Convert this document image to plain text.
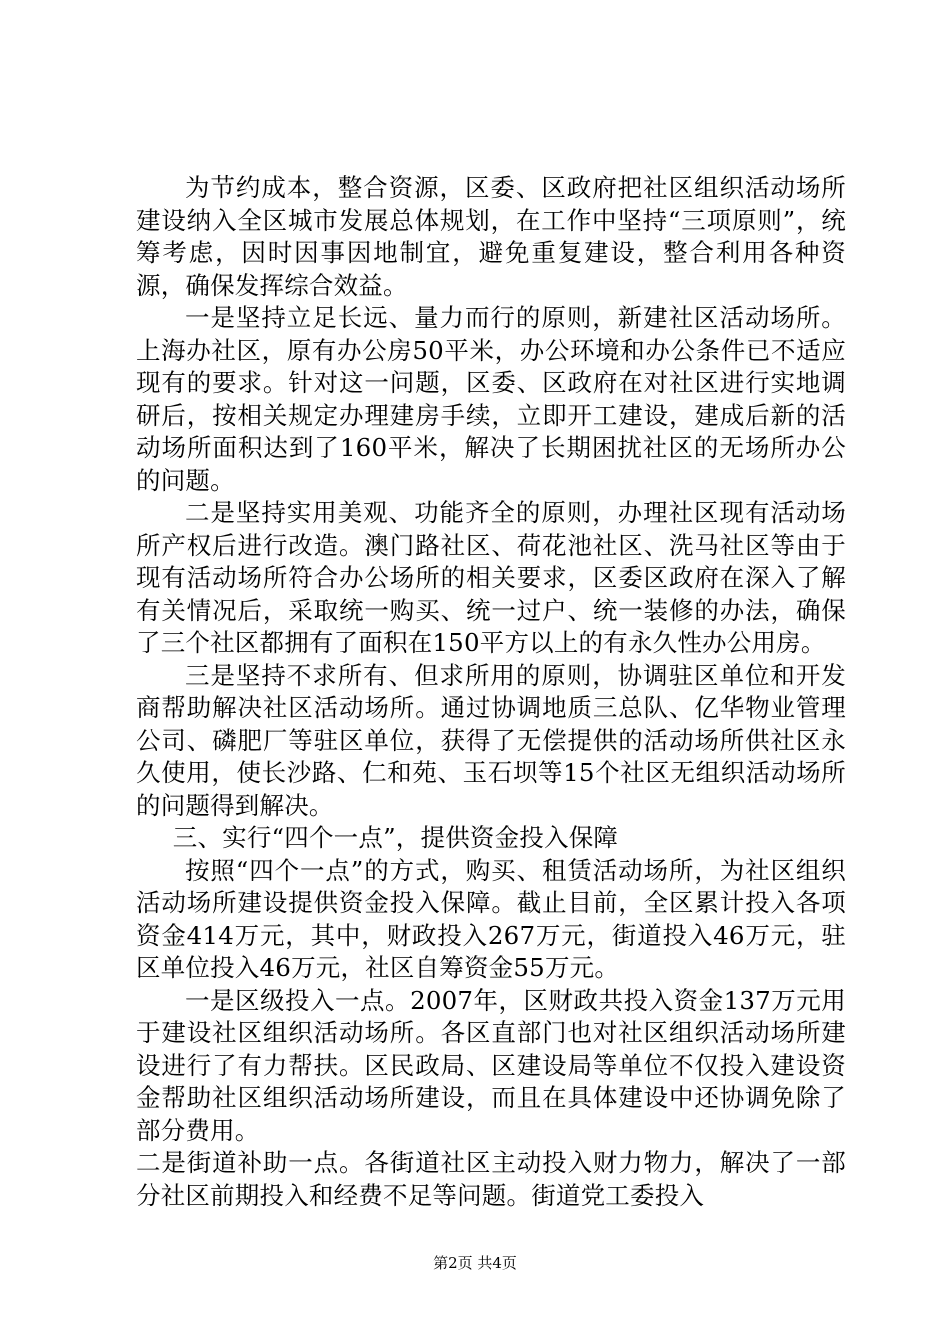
为节约成本，整合资源，区委、区政府把社区组织活动场所建设纳入全区城市发展总体规划，在工作中坚持“三项原则”，统筹考虑，因时因事因地制宜，避免重复建设，整合利用各种资源，确保发挥综合效益。

一是坚持立足长远、量力而行的原则，新建社区活动场所。上海办社区，原有办公房50平米，办公环境和办公条件已不适应现有的要求。针对这一问题，区委、区政府在对社区进行实地调研后，按相关规定办理建房手续，立即开工建设，建成后新的活动场所面积达到了160平米，解决了长期困扰社区的无场所办公的问题。

二是坚持实用美观、功能齐全的原则，办理社区现有活动场所产权后进行改造。澳门路社区、荷花池社区、洗马社区等由于现有活动场所符合办公场所的相关要求，区委区政府在深入了解有关情况后，采取统一购买、统一过户、统一装修的办法，确保了三个社区都拥有了面积在150平方以上的有永久性办公用房。

三是坚持不求所有、但求所用的原则，协调驻区单位和开发商帮助解决社区活动场所。通过协调地质三总队、亿华物业管理公司、磷肥厂等驻区单位，获得了无偿提供的活动场所供社区永久使用，使长沙路、仁和苑、玉石坝等15个社区无组织活动场所的问题得到解决。

三、实行“四个一点”，提供资金投入保障

按照“四个一点”的方式，购买、租赁活动场所，为社区组织活动场所建设提供资金投入保障。截止目前，全区累计投入各项资金414万元，其中，财政投入267万元，街道投入46万元，驻区单位投入46万元，社区自筹资金55万元。

一是区级投入一点。2007年，区财政共投入资金137万元用于建设社区组织活动场所。各区直部门也对社区组织活动场所建设进行了有力帮扶。区民政局、区建设局等单位不仅投入建设资金帮助社区组织活动场所建设，而且在具体建设中还协调免除了部分费用。

二是街道补助一点。各街道社区主动投入财力物力，解决了一部分社区前期投入和经费不足等问题。街道党工委投入

第2页 共4页
